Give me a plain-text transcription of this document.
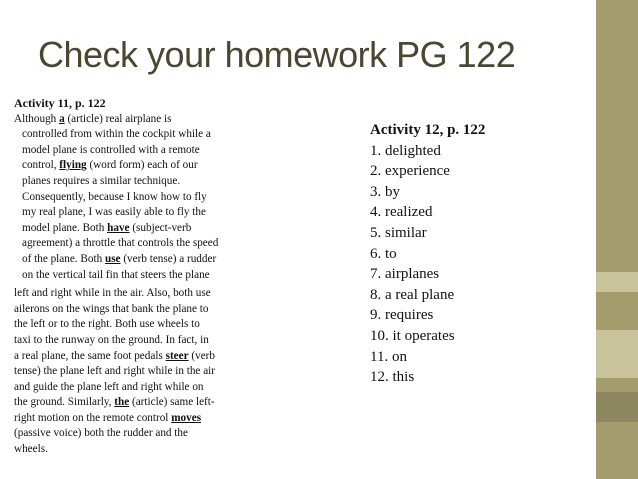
Check your homework PG 122
Activity 11, p. 122
Although a (article) real airplane is
controlled from within the cockpit while a
model plane is controlled with a remote
control, flying (word form) each of our
planes requires a similar technique.
Consequently, because I know how to fly
my real plane, I was easily able to fly the
model plane. Both have (subject-verb
agreement) a throttle that controls the speed
of the plane. Both use (verb tense) a rudder
on the vertical tail fin that steers the plane
left and right while in the air. Also, both use
ailerons on the wings that bank the plane to
the left or to the right. Both use wheels to
taxi to the runway on the ground. In fact, in
a real plane, the same foot pedals steer (verb
tense) the plane left and right while in the air
and guide the plane left and right while on
the ground. Similarly, the (article) same left-
right motion on the remote control moves
(passive voice) both the rudder and the
wheels.
Activity 12, p. 122
1. delighted
2. experience
3. by
4. realized
5. similar
6. to
7. airplanes
8. a real plane
9. requires
10. it operates
11. on
12. this
